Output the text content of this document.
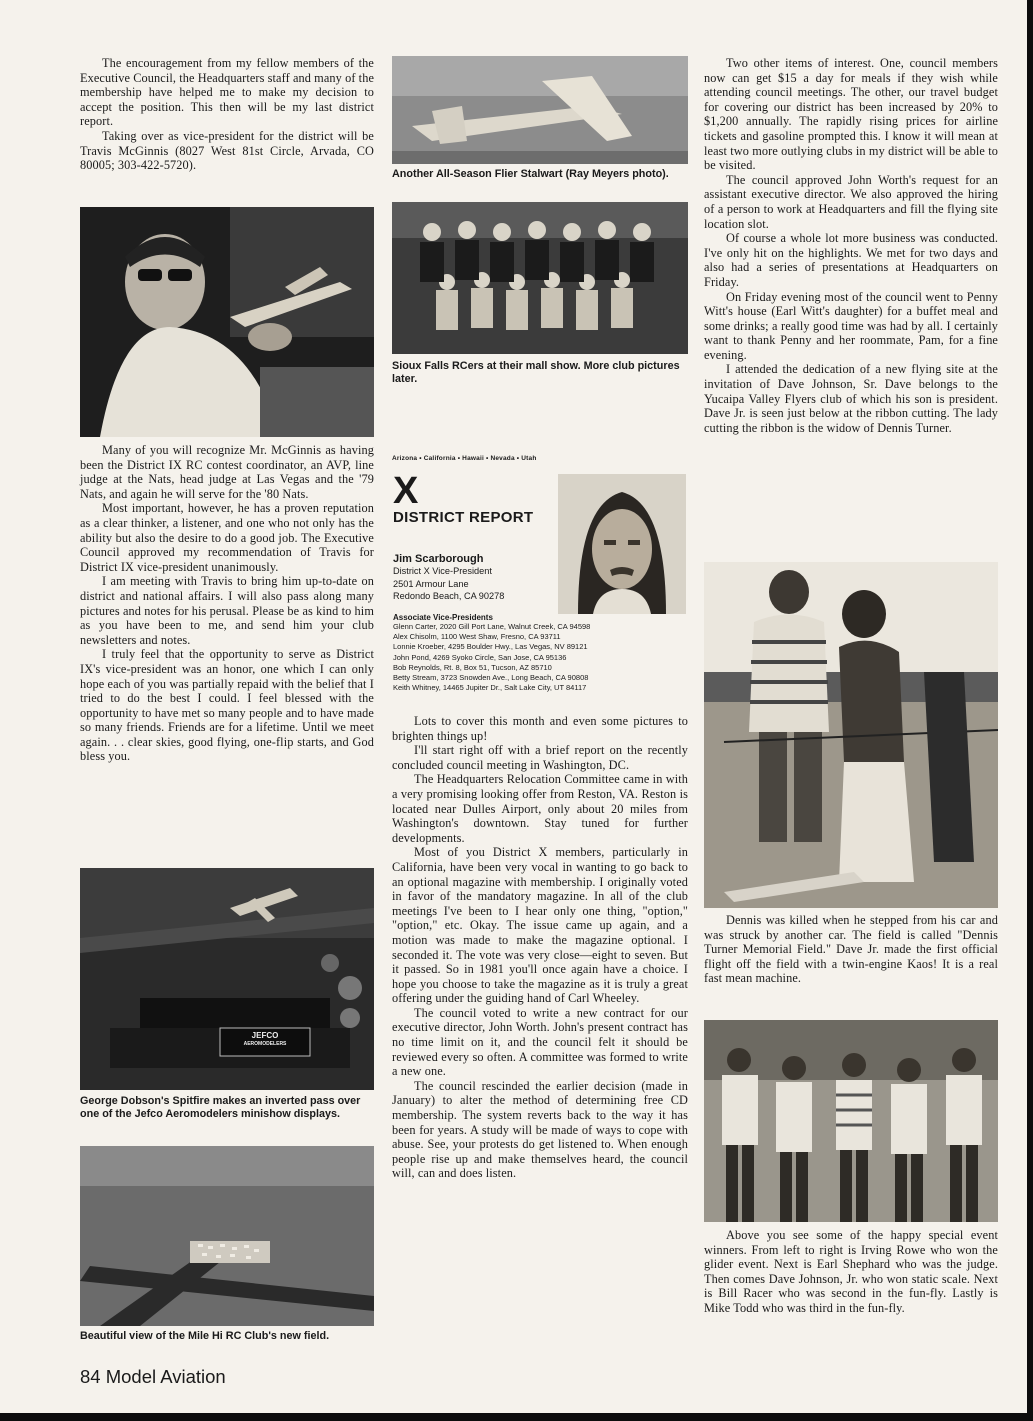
The encouragement from my fellow members of the Executive Council, the Headquarters staff and many of the membership have helped me to make my decision to accept the position. This then will be my last district report.

Taking over as vice-president for the district will be Travis McGinnis (8027 West 81st Circle, Arvada, CO 80005; 303-422-5720).

Many of you will recognize Mr. McGinnis as having been the District IX RC contest coordinator, an AVP, line judge at the Nats, head judge at Las Vegas and the '79 Nats, and again he will serve for the '80 Nats.

Most important, however, he has a proven reputation as a clear thinker, a listener, and one who not only has the ability but also the desire to do a good job. The Executive Council approved my recommendation of Travis for District IX vice-president unanimously.

I am meeting with Travis to bring him up-to-date on district and national affairs. I will also pass along many pictures and notes for his perusal. Please be as kind to him as you have been to me, and send him your club newsletters and notes.

I truly feel that the opportunity to serve as District IX's vice-president was an honor, one which I can only hope each of you was partially repaid with the belief that I tried to do the best I could. I feel blessed with the opportunity to have met so many people and to have made so many friends. Friends are for a lifetime. Until we meet again. . . clear skies, good flying, one-flip starts, and God bless you.

JEFCO
AEROMODELERS
George Dobson's Spitfire makes an inverted pass over one of the Jefco Aeromodelers minishow displays.
Beautiful view of the Mile Hi RC Club's new field.
Another All-Season Flier Stalwart (Ray Meyers photo).
Sioux Falls RCers at their mall show. More club pictures later.
Arizona • California • Hawaii • Nevada • Utah
X
DISTRICT REPORT
Jim Scarborough
District X Vice-President
2501 Armour Lane
Redondo Beach, CA 90278
Associate Vice-Presidents
Glenn Carter, 2020 Gill Port Lane, Walnut Creek, CA 94598
Alex Chisolm, 1100 West Shaw, Fresno, CA 93711
Lonnie Kroeber, 4295 Boulder Hwy., Las Vegas, NV 89121
John Pond, 4269 Syoko Circle, San Jose, CA 95136
Bob Reynolds, Rt. 8, Box 51, Tucson, AZ 85710
Betty Stream, 3723 Snowden Ave., Long Beach, CA 90808
Keith Whitney, 14465 Jupiter Dr., Salt Lake City, UT 84117

Lots to cover this month and even some pictures to brighten things up!

I'll start right off with a brief report on the recently concluded council meeting in Washington, DC.

The Headquarters Relocation Committee came in with a very promising looking offer from Reston, VA. Reston is located near Dulles Airport, only about 20 miles from Washington's downtown. Stay tuned for further developments.

Most of you District X members, particularly in California, have been very vocal in wanting to go back to an optional magazine with membership. I originally voted in favor of the mandatory magazine. In all of the club meetings I've been to I hear only one thing, "option," "option," etc. Okay. The issue came up again, and a motion was made to make the magazine optional. I seconded it. The vote was very close—eight to seven. But it passed. So in 1981 you'll once again have a choice. I hope you choose to take the magazine as it is truly a great offering under the guiding hand of Carl Wheeley.

The council voted to write a new contract for our executive director, John Worth. John's present contract has no time limit on it, and the council felt it should be reviewed every so often. A committee was formed to write a new one.

The council rescinded the earlier decision (made in January) to alter the method of determining free CD membership. The system reverts back to the way it has been for years. A study will be made of ways to cope with abuse. See, your protests do get listened to. When enough people rise up and make themselves heard, the council will, can and does listen.

Two other items of interest. One, council members now can get $15 a day for meals if they wish while attending council meetings. The other, our travel budget for covering our district has been increased by 20% to $1,200 annually. The rapidly rising prices for airline tickets and gasoline prompted this. I know it will mean at least two more outlying clubs in my district will be able to be visited.

The council approved John Worth's request for an assistant executive director. We also approved the hiring of a person to work at Headquarters and fill the flying site location slot.

Of course a whole lot more business was conducted. I've only hit on the highlights. We met for two days and also had a series of presentations at Headquarters on Friday.

On Friday evening most of the council went to Penny Witt's house (Earl Witt's daughter) for a buffet meal and some drinks; a really good time was had by all. I certainly want to thank Penny and her roommate, Pam, for a fine evening.

I attended the dedication of a new flying site at the invitation of Dave Johnson, Sr. Dave belongs to the Yucaipa Valley Flyers club of which his son is president. Dave Jr. is seen just below at the ribbon cutting. The lady cutting the ribbon is the widow of Dennis Turner.

Dennis was killed when he stepped from his car and was struck by another car. The field is called "Dennis Turner Memorial Field." Dave Jr. made the first official flight off the field with a twin-engine Kaos! It is a real fast mean machine.

Above you see some of the happy special event winners. From left to right is Irving Rowe who won the glider event. Next is Earl Shephard who was the judge. Then comes Dave Johnson, Jr. who won static scale. Next is Bill Racer who was second in the fun-fly. Lastly is Mike Todd who was third in the fun-fly.

84 Model Aviation
